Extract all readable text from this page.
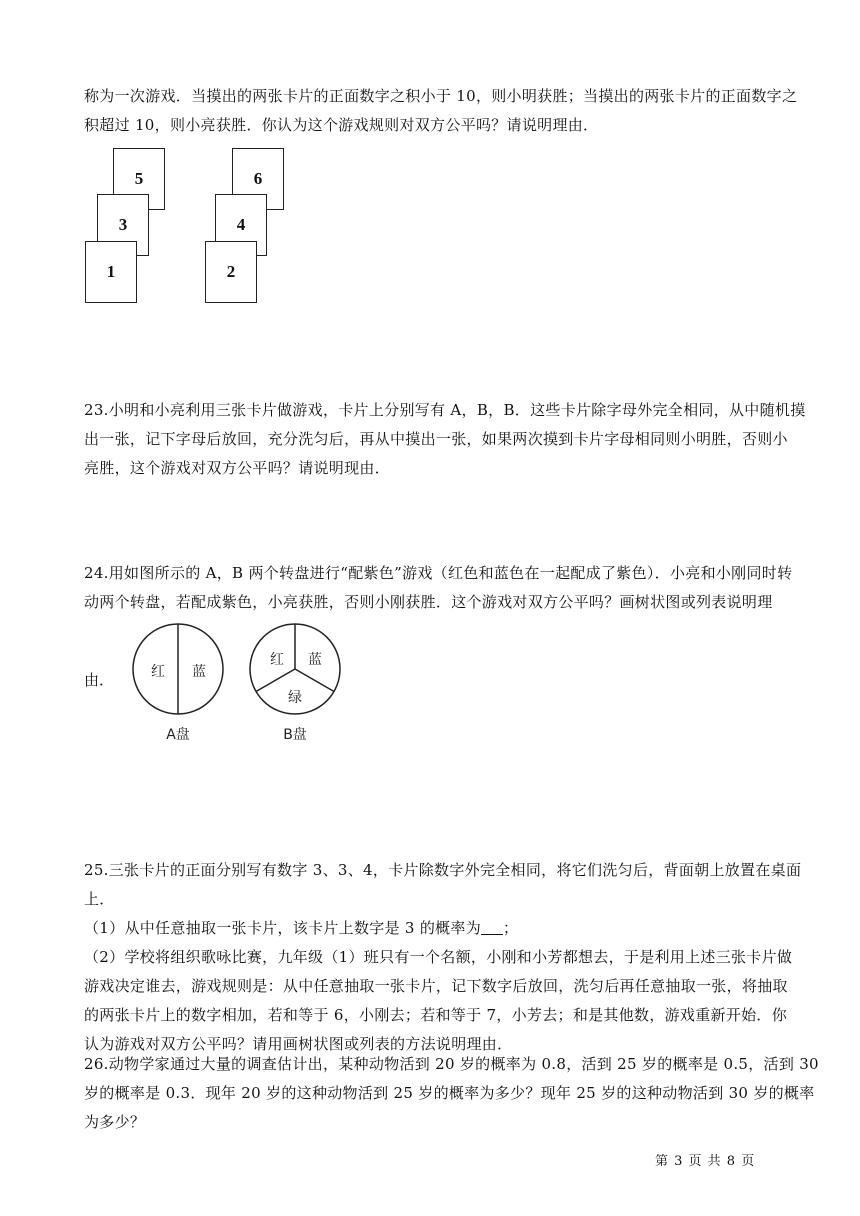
称为一次游戏．当摸出的两张卡片的正面数字之积小于 10，则小明获胜；当摸出的两张卡片的正面数字之
积超过 10，则小亮获胜．你认为这个游戏规则对双方公平吗？请说明理由．

5
3
1
6
4
2

23.小明和小亮利用三张卡片做游戏，卡片上分别写有 A，B，B．这些卡片除字母外完全相同，从中随机摸
出一张，记下字母后放回，充分洗匀后，再从中摸出一张，如果两次摸到卡片字母相同则小明胜，否则小
亮胜，这个游戏对双方公平吗？请说明现由．

24.用如图所示的 A，B 两个转盘进行“配紫色”游戏（红色和蓝色在一起配成了紫色）．小亮和小刚同时转
动两个转盘，若配成紫色，小亮获胜，否则小刚获胜．这个游戏对双方公平吗？画树状图或列表说明理

由．	红 蓝
A盘
红 蓝
绿
B盘

25.三张卡片的正面分别写有数字 3、3、4，卡片除数字外完全相同，将它们洗匀后，背面朝上放置在桌面
上．
（1）从中任意抽取一张卡片，该卡片上数字是 3 的概率为 ；
（2）学校将组织歌咏比赛，九年级（1）班只有一个名额，小刚和小芳都想去，于是利用上述三张卡片做
游戏决定谁去，游戏规则是：从中任意抽取一张卡片，记下数字后放回，洗匀后再任意抽取一张，将抽取
的两张卡片上的数字相加，若和等于 6，小刚去；若和等于 7，小芳去；和是其他数，游戏重新开始．你
认为游戏对双方公平吗？请用画树状图或列表的方法说明理由．

26.动物学家通过大量的调查估计出，某种动物活到 20 岁的概率为 0.8，活到 25 岁的概率是 0.5，活到 30
岁的概率是 0.3．现年 20 岁的这种动物活到 25 岁的概率为多少？现年 25 岁的这种动物活到 30 岁的概率
为多少？

第 3 页 共 8 页
